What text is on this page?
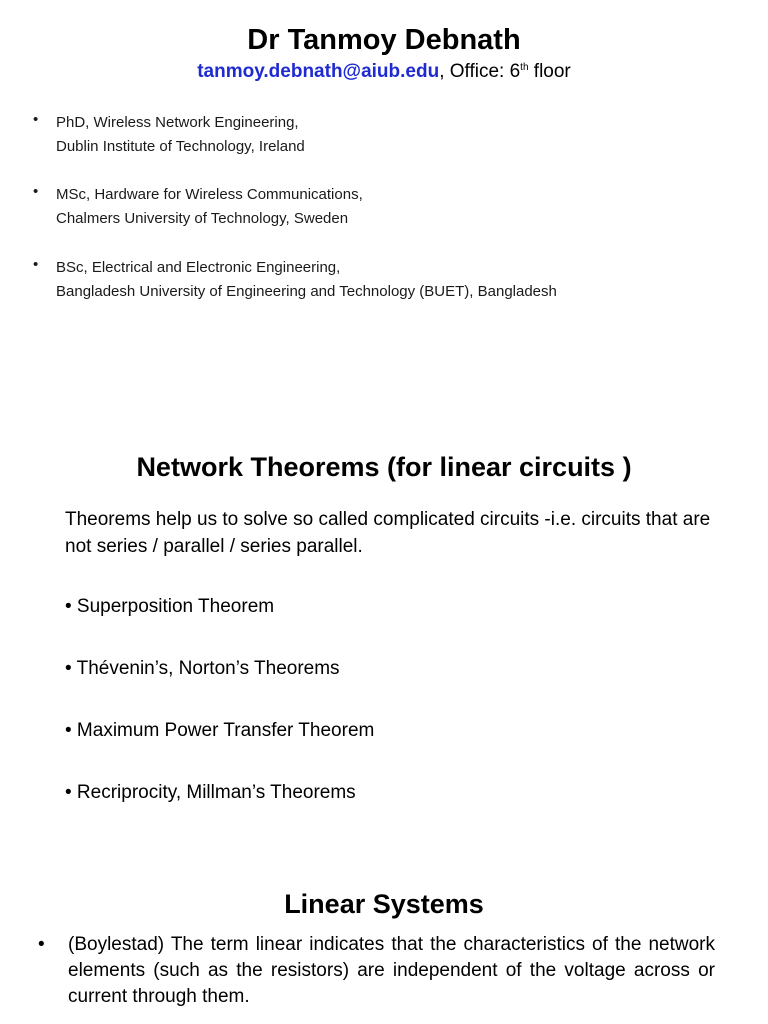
Dr Tanmoy Debnath

tanmoy.debnath@aiub.edu, Office: 6th floor

• PhD, Wireless Network Engineering,
Dublin Institute of Technology, Ireland
• MSc, Hardware for Wireless Communications,
Chalmers University of Technology, Sweden
• BSc, Electrical and Electronic Engineering,
Bangladesh University of Engineering and Technology (BUET), Bangladesh
Network Theorems (for linear circuits )

Theorems help us to solve so called complicated circuits -i.e. circuits that are not series / parallel / series parallel.

• Superposition Theorem

• Thévenin’s, Norton’s Theorems

• Maximum Power Transfer Theorem

• Recriprocity, Millman’s Theorems

Linear Systems
• (Boylestad) The term linear indicates that the characteristics of the network elements (such as the resistors) are independent of the voltage across or current through them.
